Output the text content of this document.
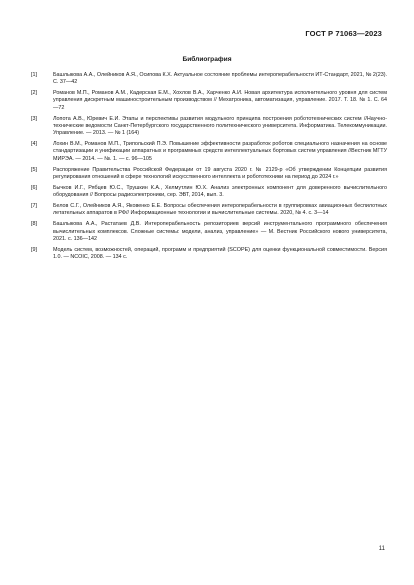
ГОСТ Р 71063—2023
Библиография
[1]	Башлыкова А.А., Олейников А.Я., Осипова К.Х. Актуальное состояние проблемы интероперабельности ИТ-Стандарт, 2021, № 2(23). С. 37—42
[2]	Романов М.П., Романов А.М., Кадерская Е.М., Хохлов В.А., Харченко А.И. Новая архитектура исполнительного уровня для систем управления дискретным машиностроительным производством // Мехатроника, автоматизация, управление. 2017. Т. 18. № 1. С. 64—72
[3]	Лопота А.В., Юревич Е.И. Этапы и перспективы развития модульного принципа построения робототехнических систем //Научно-технические ведомости Санкт-Петербургского государственного политехнического университета. Информатика. Телекоммуникации. Управление. — 2013. — № 1 (164)
[4]	Лохин В.М., Романов М.П., Трипольский П.Э. Повышение эффективности разработок роботов специального назначения на основе стандартизации и унификации аппаратных и программных средств интеллектуальных бортовых систем управления //Вестник МГТУ МИРЭА. — 2014. — №. 1. — с. 96—105
[5]	Распоряжение Правительства Российской Федерации от 19 августа 2020 г. № 2129-р «Об утверждении Концепции развития регулирования отношений в сфере технологий искусственного интеллекта и робототехники на период до 2024 г.»
[6]	Бычков И.Г., Рябцев Ю.С., Трушкин К.А., Хелмутлин Ю.Х. Анализ электронных компонент для доверенного вычислительного оборудования // Вопросы радиоэлектроники, сер. ЭВТ, 2014, вып. 3.
[7]	Белов С.Г., Олейников А.Я., Яковенко Е.Е. Вопросы обеспечения интероперабельности в группировках авиационных беспилотных летательных аппаратов в РФ// Информационные технологии и вычислительные системы. 2020, № 4. с. 3—14
[8]	Башлыкова А.А., Растатаев Д.В. Интероперабельность репозиториев версий инструментального программного обеспечения вычислительных комплексов. Сложные системы: модели, анализ, управление» — М. Вестник Российского нового университета, 2021. с. 136—142
[9]	Модель систем, возможностей, операций, программ и предприятий (SCOPE) для оценки функциональной совместимости. Версия 1.0. — NCOIC, 2008. — 134 с.
11
